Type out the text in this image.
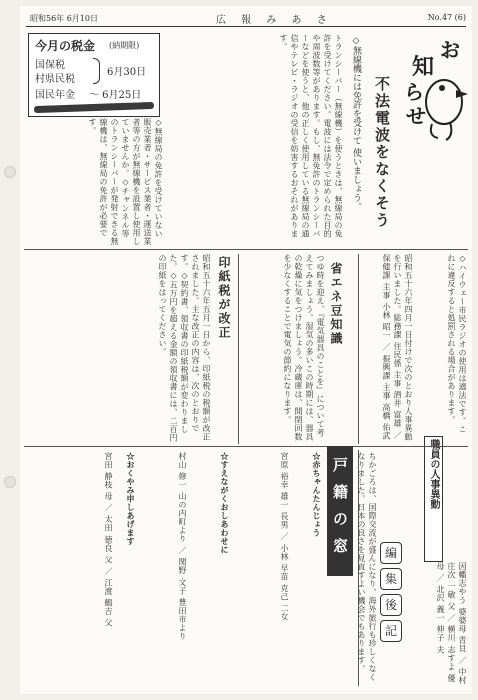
昭和56年 6月10日	広 報 み あ さ	No.47 (6)
今月の税金 (納期限)
国保税
村県民税
6月30日
国民年金 〜 6月25日
お
知
ら
せ
不法電波をなくそう
◇無線機には免許を受けて 使いましょう。
トランシーバー（無線機）を使うときは、無線局の免許を受けてください。電波には法令で定められた目的や周波数等があります。もし、無免許のトランシーバーなどを使うと、他の正しく使用している無線局の通信やテレビ・ラジオの受信を妨害するおそれがあります。
◇無線局の免許を受けていない販売業者・サービス業者・運送業者等の方が無線機を設置し使用していませんか。◇チャンネル等のトランシーバーが発射できる無線機は、無線局の免許が必要です。
◇ハイウェー市民ラジオの使用は適法です。これに違反すると処罰される場合があります。
印紙税が改正
昭和五十六年五月一日から、印紙税の税額が改正されました。主な改正の内容は、次のとおりです。◇契約書、領収書の印紙税額が変わりました。◇五万円を超える金額の領収書には、二百円の印紙をはってください。	省エネ豆知識
つゆ時を迎え、『電気器具のことを』について考えてみましょう。湿気の多いこの時期には、器具の乾燥に気をつけましょう。冷蔵庫は、開閉回数を少なくすることで電気の節約になります。
職員の人事異動
昭和五十六年四月一日付けで次のとおり人事異動を行いました。総務課 住民係 主事 酒井 富雄 ／ 保健課 主事 小林 昭一 ／ 振興課 主事 高橋 佑武
戸籍の窓
☆赤ちゃんたんじょう
宮原 裕幸 雄一 長男 ／ 小林 早苗 克己 二女
☆すえながくおしあわせに
村山 修一 山の内町より ／ 関野 文子 豊田市より
☆おくやみ申しあげます
宮田 静枝 母 ／ 太田 徳良 父 ／ 江渡 鶴吉 父	編
集
後
記
ちかごろは、国際交流が盛んになり、海外旅行も珍しくなくなりました。日本の良さを見直すよい機会でもあります。	因幡志やう 婆婆母 青貝 ／ 中村 庄次 一敏 父 ／ 横川 志すよ 優 母 ／ 北沢 義一 伸子 夫
